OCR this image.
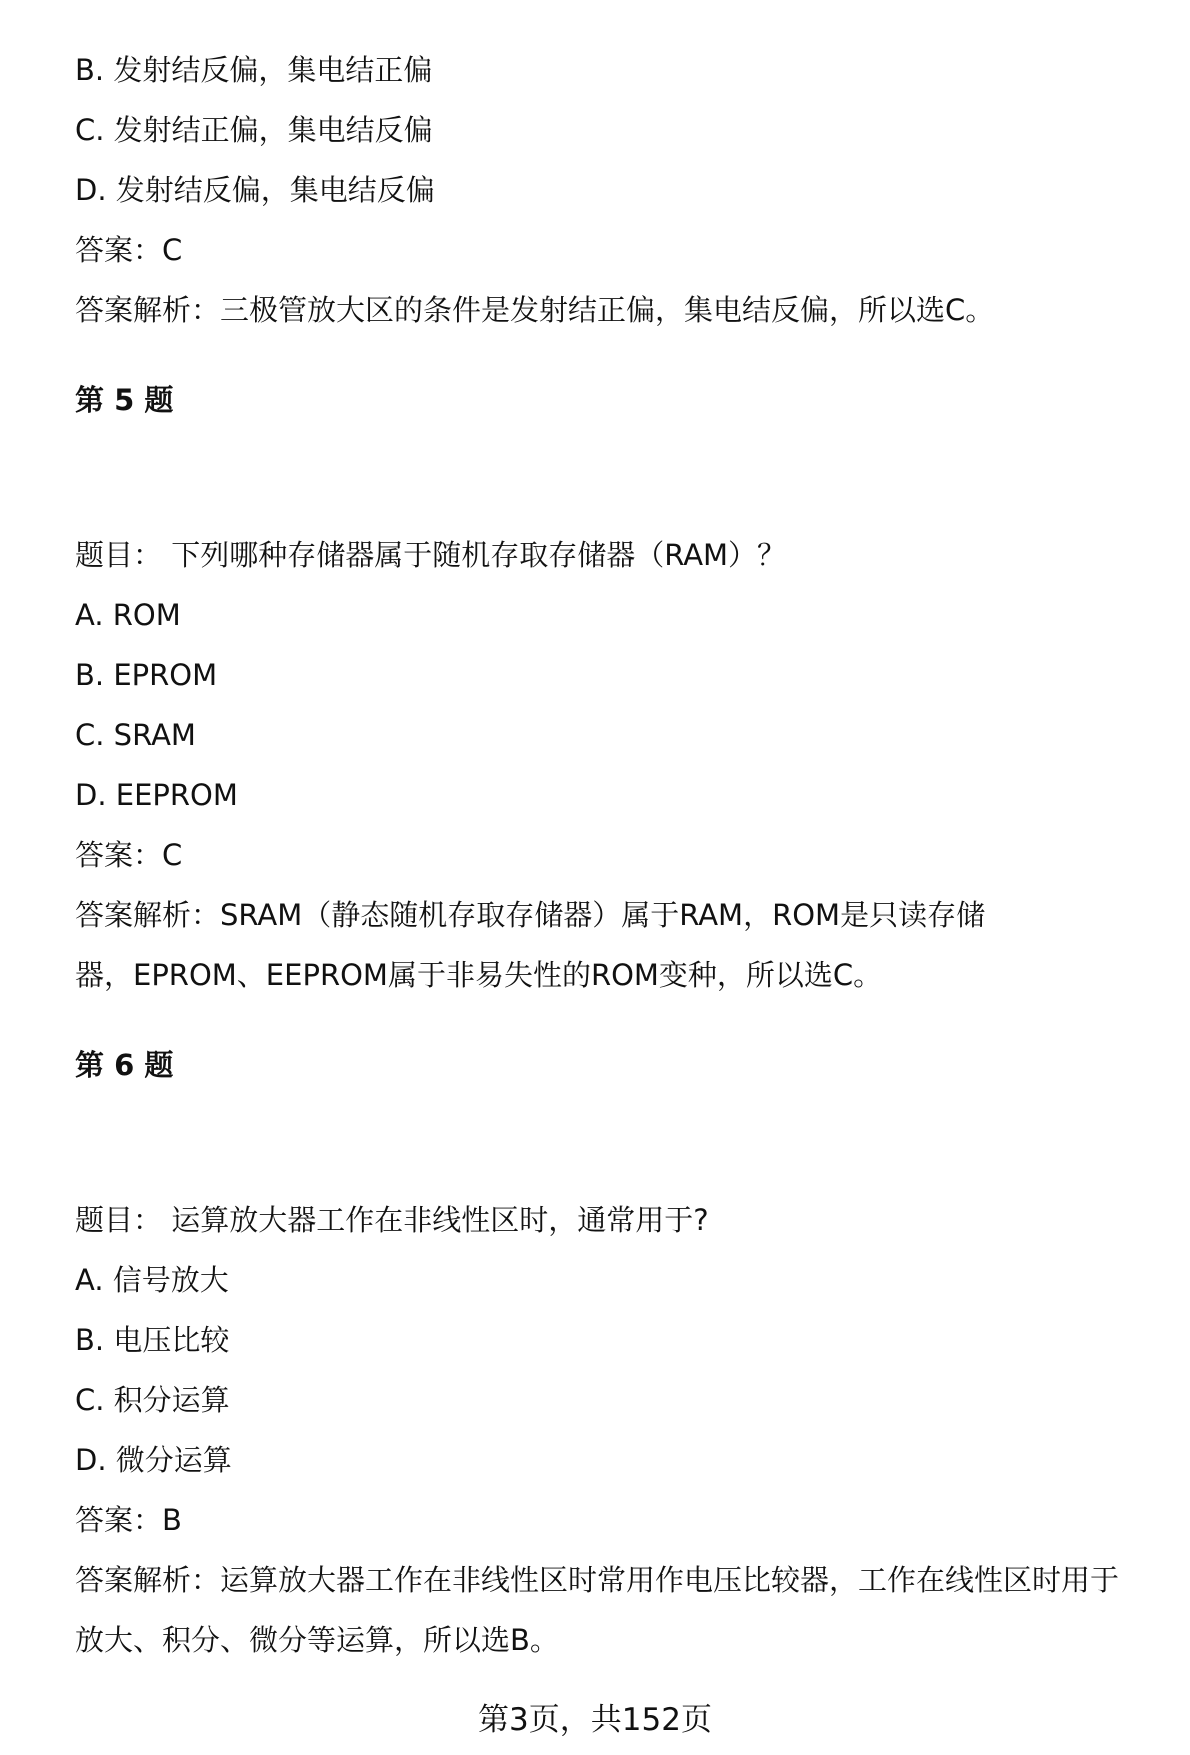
B. 发射结反偏，集电结正偏
C. 发射结正偏，集电结反偏
D. 发射结反偏，集电结反偏
答案：C
答案解析：三极管放大区的条件是发射结正偏，集电结反偏，所以选C。
第 5 题
题目： 下列哪种存储器属于随机存取存储器（RAM）？
A. ROM
B. EPROM
C. SRAM
D. EEPROM
答案：C
答案解析：SRAM（静态随机存取存储器）属于RAM，ROM是只读存储
器，EPROM、EEPROM属于非易失性的ROM变种，所以选C。
第 6 题
题目： 运算放大器工作在非线性区时，通常用于?
A. 信号放大
B. 电压比较
C. 积分运算
D. 微分运算
答案：B
答案解析：运算放大器工作在非线性区时常用作电压比较器，工作在线性区时用于
放大、积分、微分等运算，所以选B。
第3页，共152页
